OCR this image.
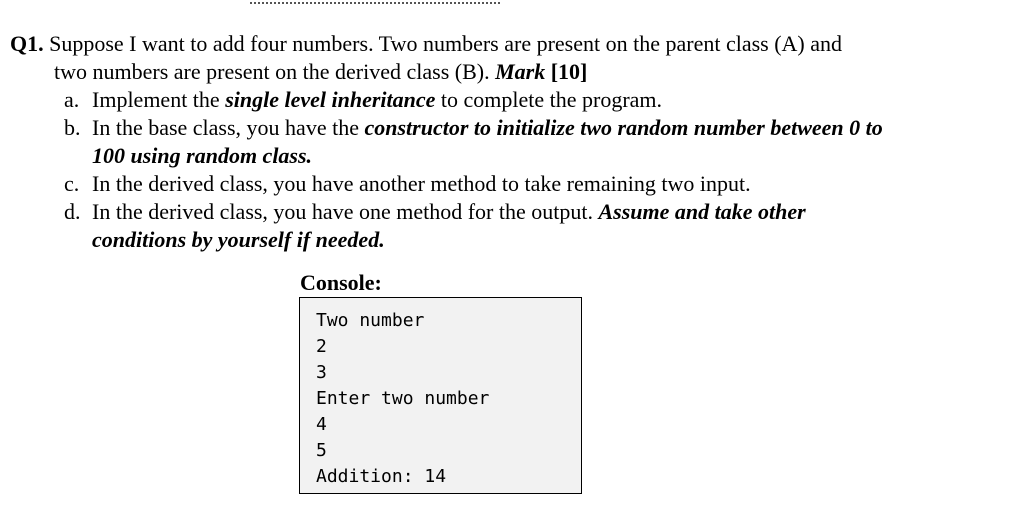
Q1. Suppose I want to add four numbers. Two numbers are present on the parent class (A) and
two numbers are present on the derived class (B). Mark [10]
a. Implement the single level inheritance to complete the program.
b. In the base class, you have the constructor to initialize two random number between 0 to
100 using random class.
c. In the derived class, you have another method to take remaining two input.
d. In the derived class, you have one method for the output. Assume and take other
conditions by yourself if needed.
Console:
Two number
2
3
Enter two number
4
5
Addition: 14
